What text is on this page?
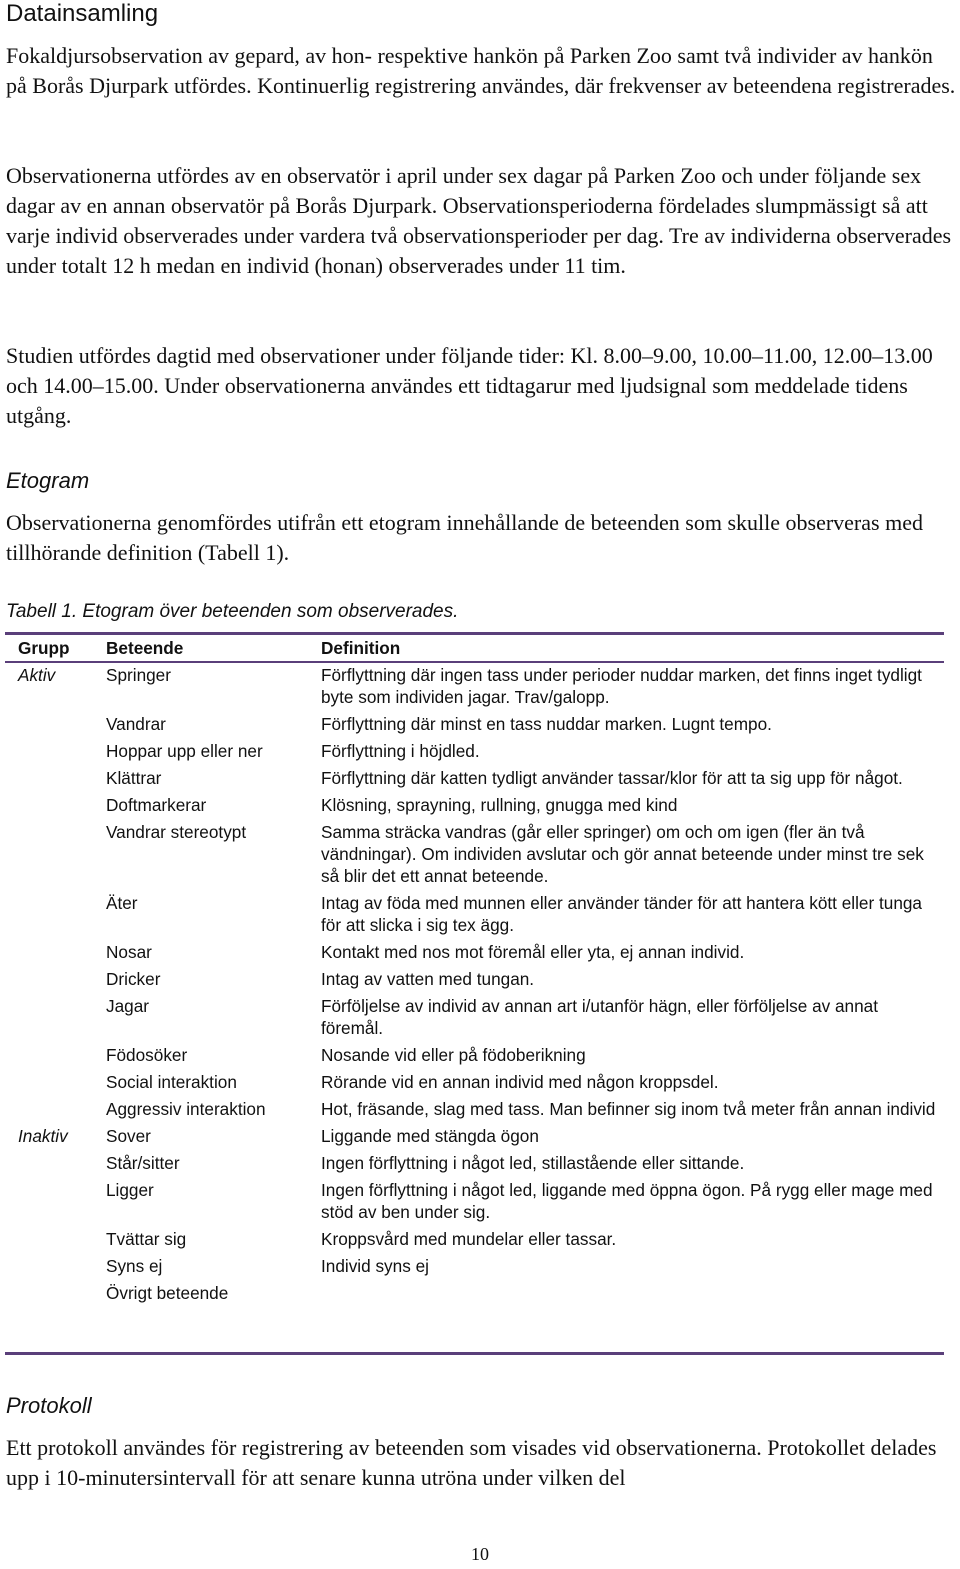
Datainsamling

Fokaldjursobservation av gepard, av hon- respektive hankön på Parken Zoo samt två individer av hankön på Borås Djurpark utfördes. Kontinuerlig registrering användes, där frekvenser av beteendena registrerades.

Observationerna utfördes av en observatör i april under sex dagar på Parken Zoo och under följande sex dagar av en annan observatör på Borås Djurpark. Observationsperioderna fördelades slumpmässigt så att varje individ observerades under vardera två observationsperioder per dag. Tre av individerna observerades under totalt 12 h medan en individ (honan) observerades under 11 tim.

Studien utfördes dagtid med observationer under följande tider: Kl. 8.00–9.00, 10.00–11.00, 12.00–13.00 och 14.00–15.00. Under observationerna användes ett tidtagarur med ljudsignal som meddelade tidens utgång.

Etogram

Observationerna genomfördes utifrån ett etogram innehållande de beteenden som skulle observeras med tillhörande definition (Tabell 1).

Tabell 1. Etogram över beteenden som observerades.

Grupp	Beteende	Definition
Aktiv	Springer	Förflyttning där ingen tass under perioder nuddar marken, det finns inget tydligt byte som individen jagar. Trav/galopp.
	Vandrar	Förflyttning där minst en tass nuddar marken. Lugnt tempo.
	Hoppar upp eller ner	Förflyttning i höjdled.
	Klättrar	Förflyttning där katten tydligt använder tassar/klor för att ta sig upp för något.
	Doftmarkerar	Klösning, sprayning, rullning, gnugga med kind
	Vandrar stereotypt	Samma sträcka vandras (går eller springer) om och om igen (fler än två vändningar). Om individen avslutar och gör annat beteende under minst tre sek så blir det ett annat beteende.
	Äter	Intag av föda med munnen eller använder tänder för att hantera kött eller tunga för att slicka i sig tex ägg.
	Nosar	Kontakt med nos mot föremål eller yta, ej annan individ.
	Dricker	Intag av vatten med tungan.
	Jagar	Förföljelse av individ av annan art i/utanför hägn, eller förföljelse av annat föremål.
	Födosöker	Nosande vid eller på födoberikning
	Social interaktion	Rörande vid en annan individ med någon kroppsdel.
	Aggressiv interaktion	Hot, fräsande, slag med tass. Man befinner sig inom två meter från annan individ
Inaktiv	Sover	Liggande med stängda ögon
	Står/sitter	Ingen förflyttning i något led, stillastående eller sittande.
	Ligger	Ingen förflyttning i något led, liggande med öppna ögon. På rygg eller mage med stöd av ben under sig.
	Tvättar sig	Kroppsvård med mundelar eller tassar.
	Syns ej	Individ syns ej
	Övrigt beteende	
Protokoll

Ett protokoll användes för registrering av beteenden som visades vid observationerna. Protokollet delades upp i 10-minutersintervall för att senare kunna utröna under vilken del

10
